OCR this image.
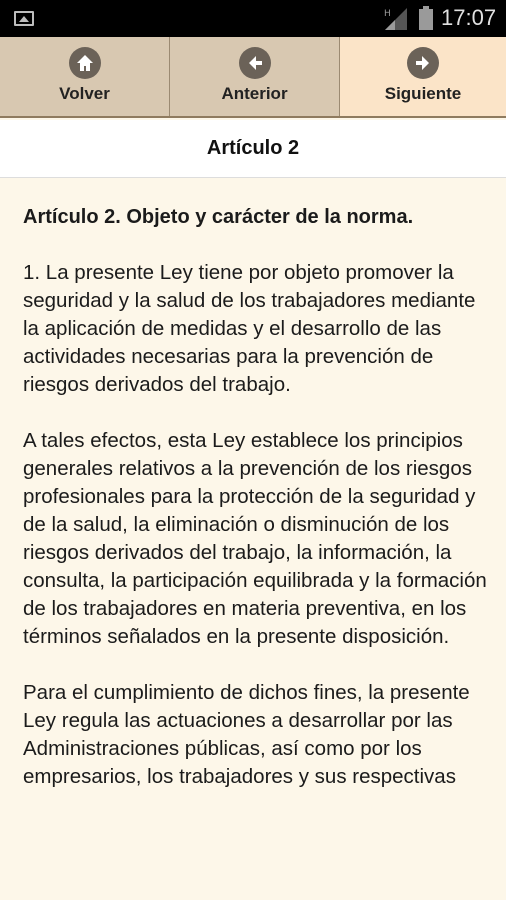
H 17:07
Volver	Anterior	Siguiente
Artículo 2
Artículo 2. Objeto y carácter de la norma.

1. La presente Ley tiene por objeto promover la seguridad y la salud de los trabajadores mediante la aplicación de medidas y el desarrollo de las actividades necesarias para la prevención de riesgos derivados del trabajo.

A tales efectos, esta Ley establece los principios generales relativos a la prevención de los riesgos profesionales para la protección de la seguridad y de la salud, la eliminación o disminución de los riesgos derivados del trabajo, la información, la consulta, la participación equilibrada y la formación de los trabajadores en materia preventiva, en los términos señalados en la presente disposición.

Para el cumplimiento de dichos fines, la presente Ley regula las actuaciones a desarrollar por las Administraciones públicas, así como por los empresarios, los trabajadores y sus respectivas
